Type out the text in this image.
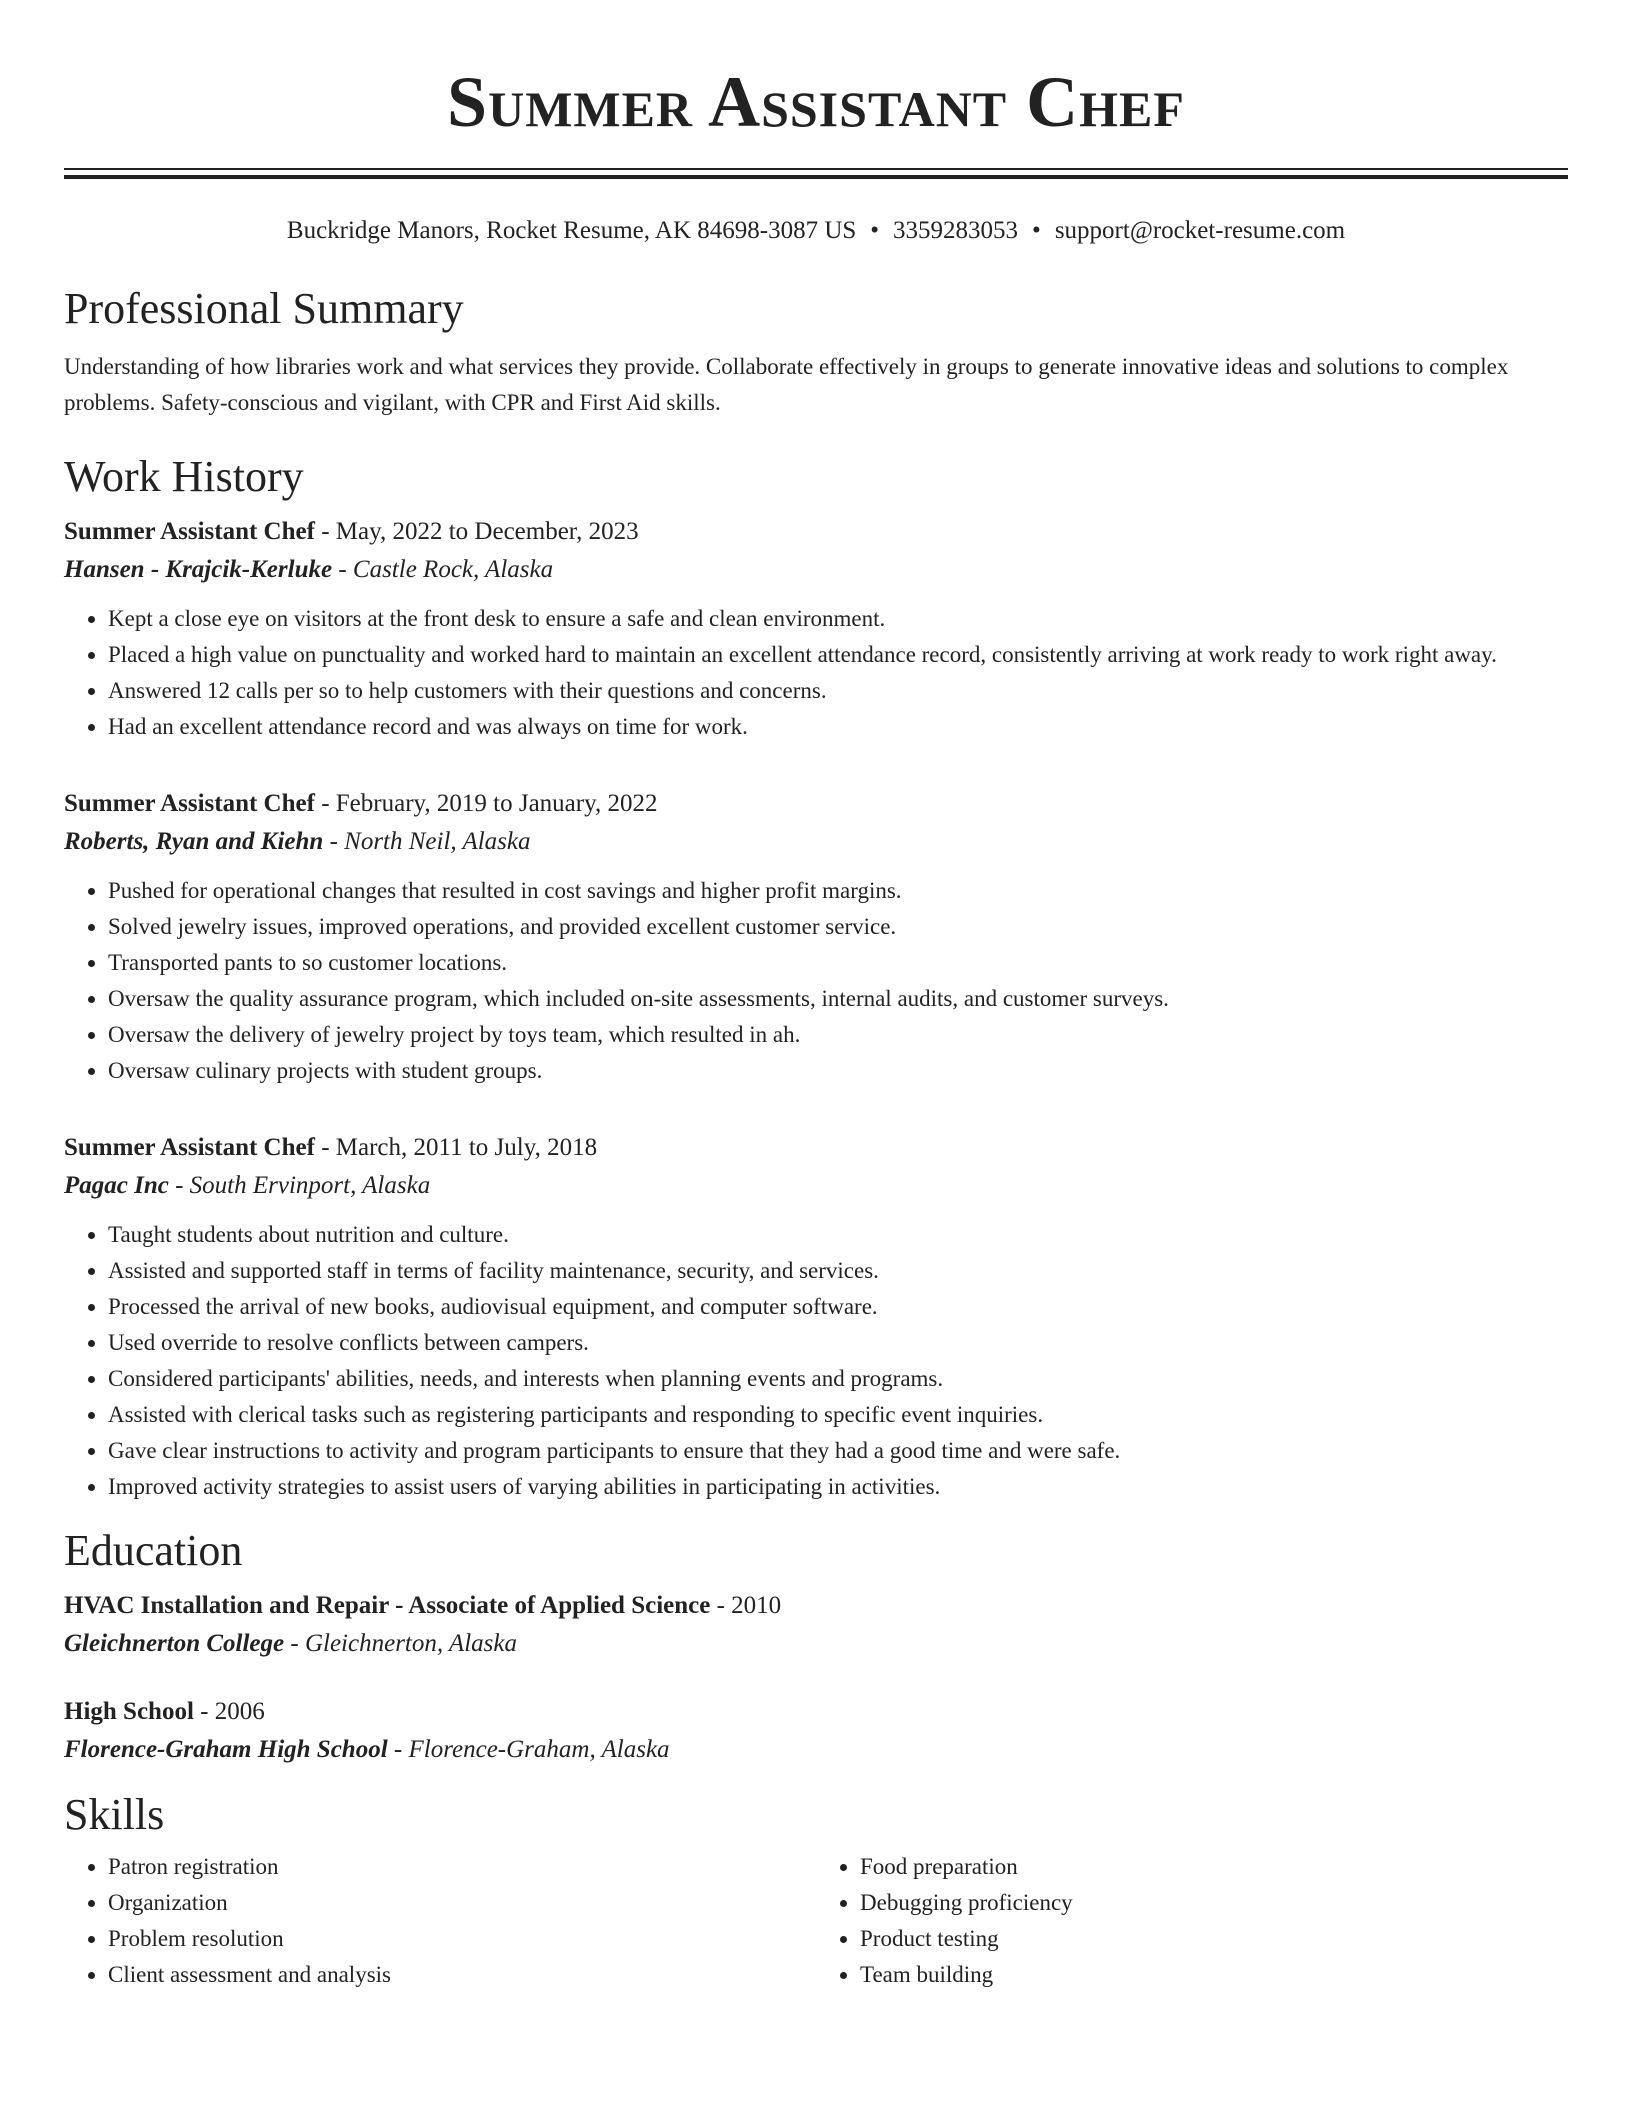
Summer Assistant Chef
Buckridge Manors, Rocket Resume, AK 84698-3087 US • 3359283053 • support@rocket-resume.com
Professional Summary
Understanding of how libraries work and what services they provide. Collaborate effectively in groups to generate innovative ideas and solutions to complex problems. Safety-conscious and vigilant, with CPR and First Aid skills.
Work History
Summer Assistant Chef - May, 2022 to December, 2023
Hansen - Krajcik-Kerluke - Castle Rock, Alaska
• Kept a close eye on visitors at the front desk to ensure a safe and clean environment.
• Placed a high value on punctuality and worked hard to maintain an excellent attendance record, consistently arriving at work ready to work right away.
• Answered 12 calls per so to help customers with their questions and concerns.
• Had an excellent attendance record and was always on time for work.
Summer Assistant Chef - February, 2019 to January, 2022
Roberts, Ryan and Kiehn - North Neil, Alaska
• Pushed for operational changes that resulted in cost savings and higher profit margins.
• Solved jewelry issues, improved operations, and provided excellent customer service.
• Transported pants to so customer locations.
• Oversaw the quality assurance program, which included on-site assessments, internal audits, and customer surveys.
• Oversaw the delivery of jewelry project by toys team, which resulted in ah.
• Oversaw culinary projects with student groups.
Summer Assistant Chef - March, 2011 to July, 2018
Pagac Inc - South Ervinport, Alaska
• Taught students about nutrition and culture.
• Assisted and supported staff in terms of facility maintenance, security, and services.
• Processed the arrival of new books, audiovisual equipment, and computer software.
• Used override to resolve conflicts between campers.
• Considered participants' abilities, needs, and interests when planning events and programs.
• Assisted with clerical tasks such as registering participants and responding to specific event inquiries.
• Gave clear instructions to activity and program participants to ensure that they had a good time and were safe.
• Improved activity strategies to assist users of varying abilities in participating in activities.
Education
HVAC Installation and Repair - Associate of Applied Science - 2010
Gleichnerton College - Gleichnerton, Alaska
High School - 2006
Florence-Graham High School - Florence-Graham, Alaska
Skills
• Patron registration
• Organization
• Problem resolution
• Client assessment and analysis
• Food preparation
• Debugging proficiency
• Product testing
• Team building
